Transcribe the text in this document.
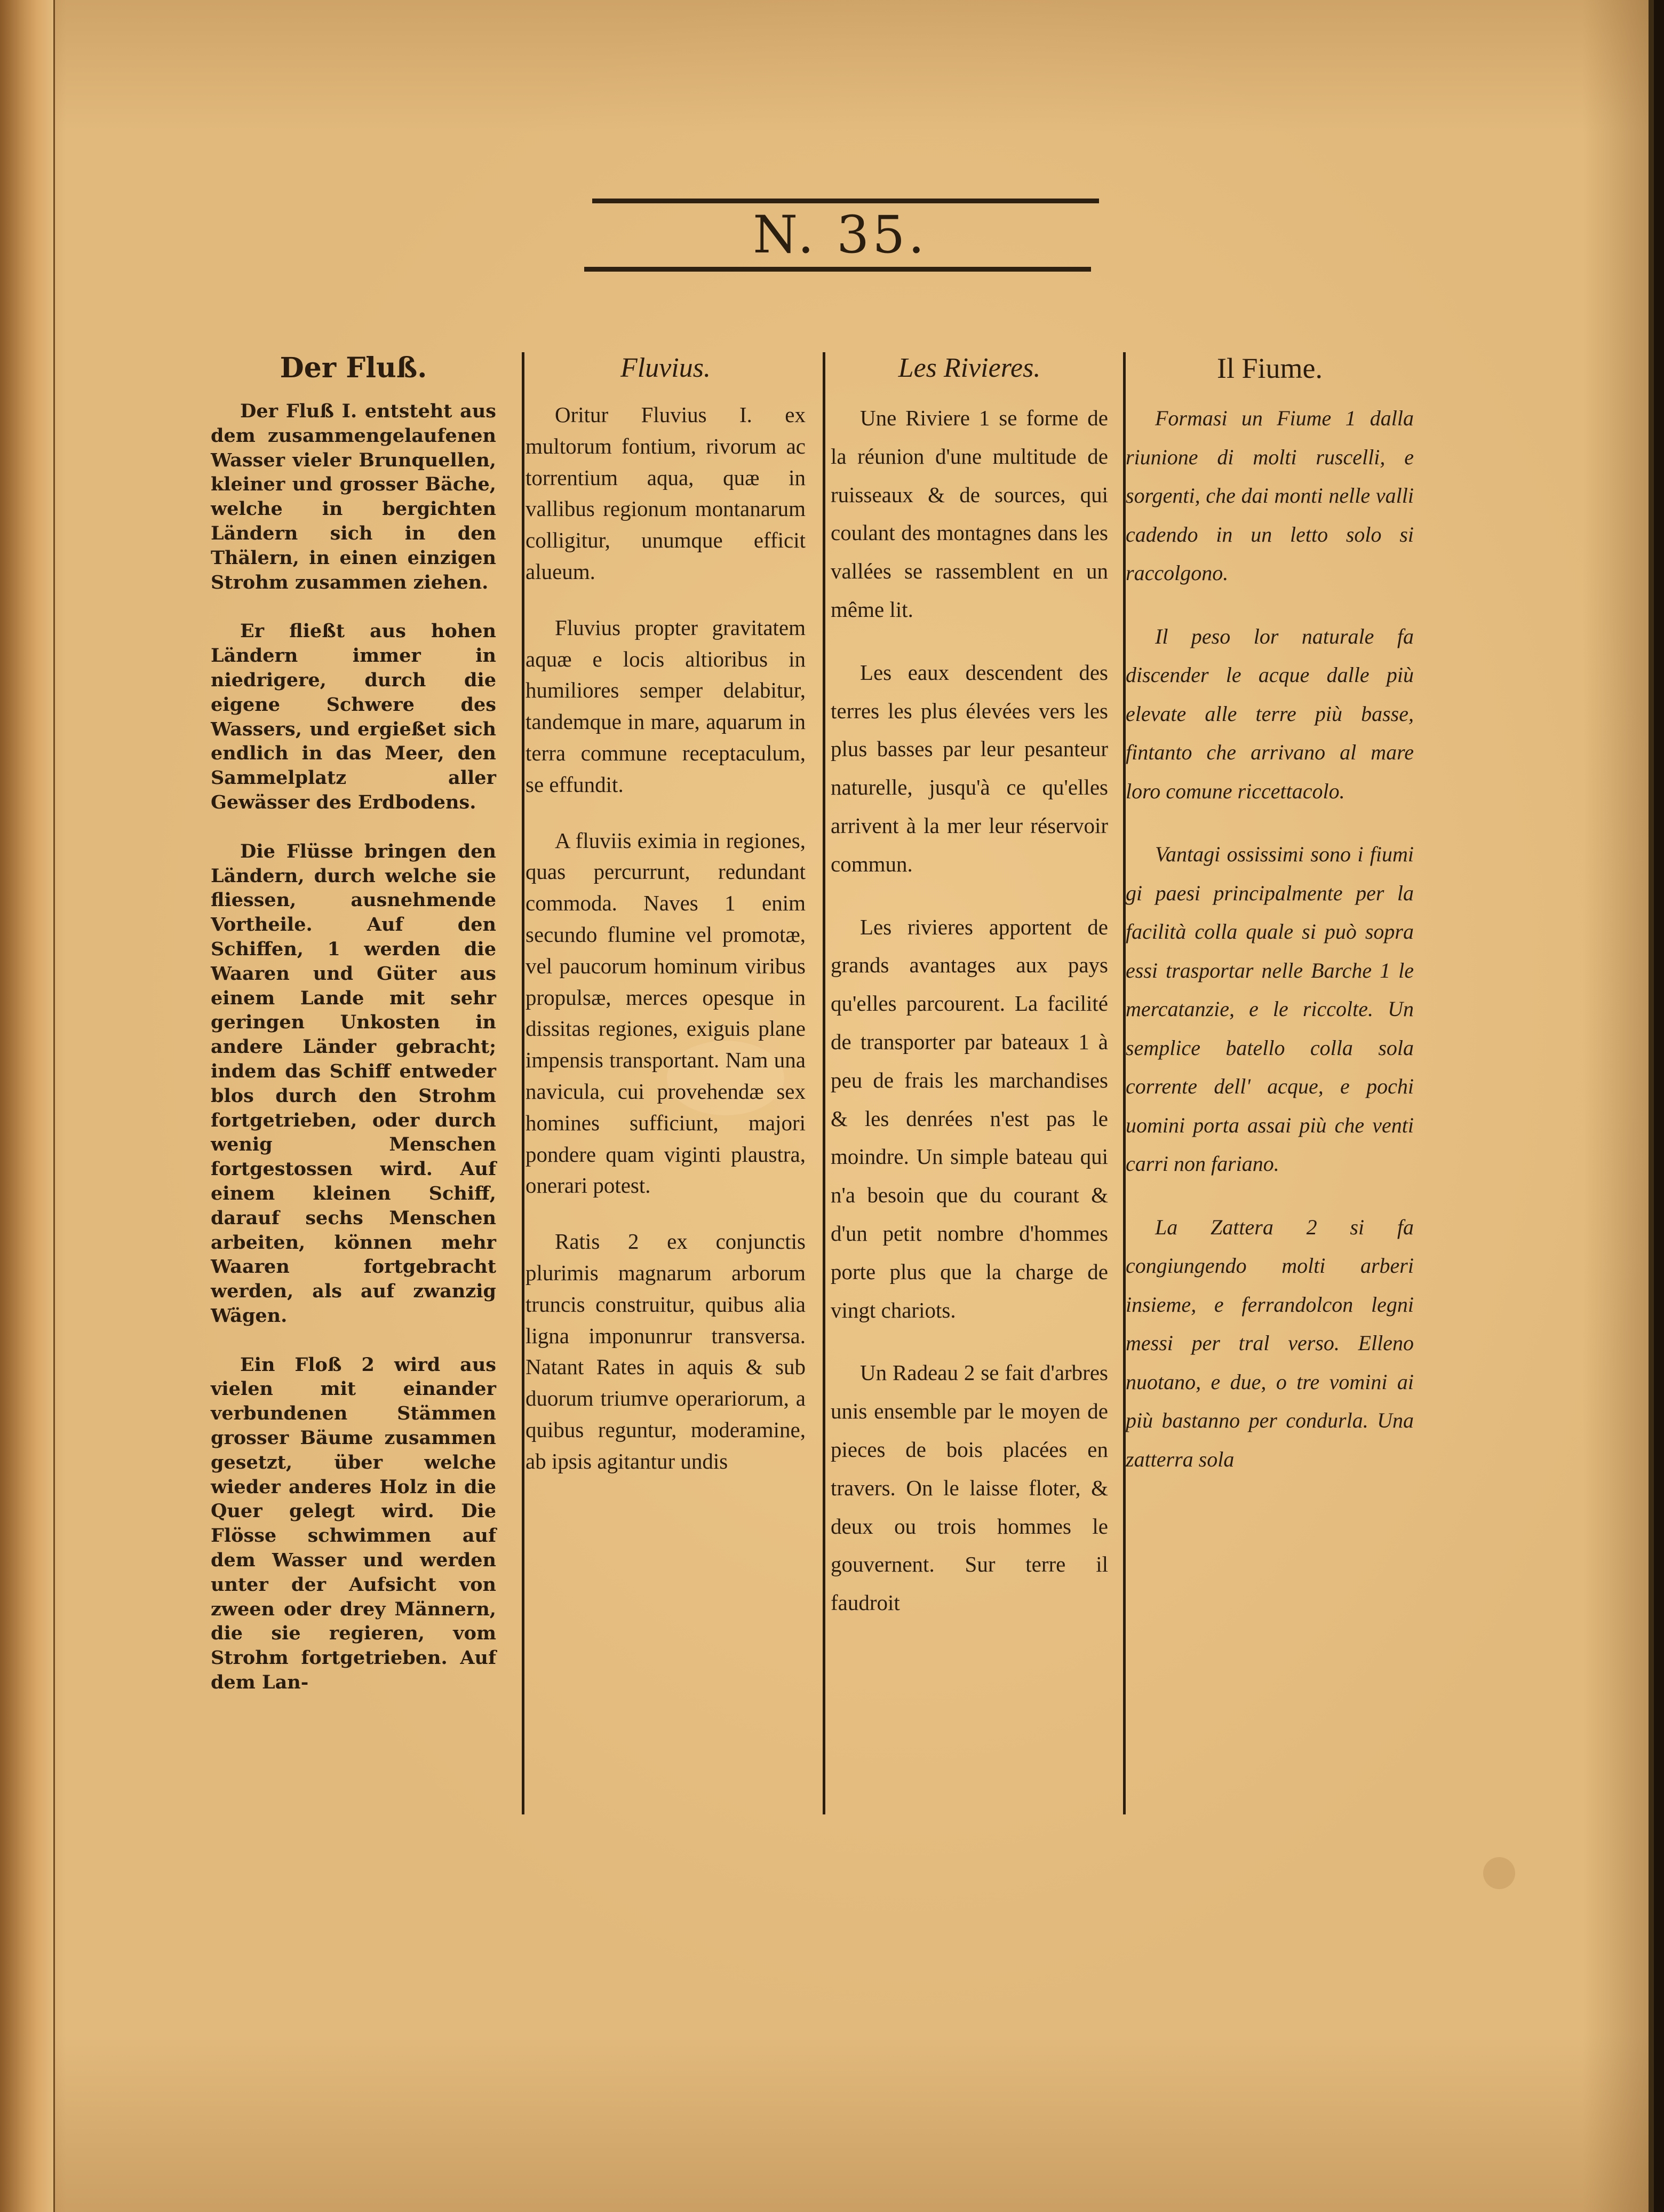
N. 35.
Der Fluß.

Der Fluß I. entsteht aus dem zusammengelaufenen Wasser vieler Brunquellen, kleiner und grosser Bäche, welche in bergichten Ländern sich in den Thälern, in einen einzigen Strohm zusammen ziehen.

Er fließt aus hohen Ländern immer in niedrigere, durch die eigene Schwere des Wassers, und ergießet sich endlich in das Meer, den Sammelplatz aller Gewässer des Erdbodens.

Die Flüsse bringen den Ländern, durch welche sie fliessen, ausnehmende Vortheile. Auf den Schiffen, 1 werden die Waaren und Güter aus einem Lande mit sehr geringen Unkosten in andere Länder gebracht; indem das Schiff entweder blos durch den Strohm fortgetrieben, oder durch wenig Menschen fortgestossen wird. Auf einem kleinen Schiff, darauf sechs Menschen arbeiten, können mehr Waaren fortgebracht werden, als auf zwanzig Wägen.

Ein Floß 2 wird aus vielen mit einander verbundenen Stämmen grosser Bäume zusammen gesetzt, über welche wieder anderes Holz in die Quer gelegt wird. Die Flösse schwimmen auf dem Wasser und werden unter der Aufsicht von zween oder drey Männern, die sie regieren, vom Strohm fortgetrieben. Auf dem Lan-

Fluvius.

Oritur Fluvius I. ex multorum fontium, rivorum ac torrentium aqua, quæ in vallibus regionum montanarum colligitur, unumque efficit alueum.

Fluvius propter gravitatem aquæ e locis altioribus in humiliores semper delabitur, tandemque in mare, aquarum in terra commune receptaculum, se effundit.

A fluviis eximia in regiones, quas percurrunt, redundant commoda. Naves 1 enim secundo flumine vel promotæ, vel paucorum hominum viribus propulsæ, merces opesque in dissitas regiones, exiguis plane impensis transportant. Nam una navicula, cui provehendæ sex homines sufficiunt, majori pondere quam viginti plaustra, onerari potest.

Ratis 2 ex conjunctis plurimis magnarum arborum truncis construitur, quibus alia ligna imponunrur transversa. Natant Rates in aquis & sub duorum triumve operariorum, a quibus reguntur, moderamine, ab ipsis agitantur undis

Les Rivieres.

Une Riviere 1 se forme de la réunion d'une multitude de ruisseaux & de sources, qui coulant des montagnes dans les vallées se rassemblent en un même lit.

Les eaux descendent des terres les plus élevées vers les plus basses par leur pesanteur naturelle, jusqu'à ce qu'elles arrivent à la mer leur réservoir commun.

Les rivieres apportent de grands avantages aux pays qu'elles parcourent. La facilité de transporter par bateaux 1 à peu de frais les marchandises & les denrées n'est pas le moindre. Un simple bateau qui n'a besoin que du courant & d'un petit nombre d'hommes porte plus que la charge de vingt chariots.

Un Radeau 2 se fait d'arbres unis ensemble par le moyen de pieces de bois placées en travers. On le laisse floter, & deux ou trois hommes le gouvernent. Sur terre il faudroit

Il Fiume.

Formasi un Fiume 1 dalla riunione di molti ruscelli, e sorgenti, che dai monti nelle valli cadendo in un letto solo si raccolgono.

Il peso lor naturale fa discender le acque dalle più elevate alle terre più basse, fintanto che arrivano al mare loro comune riccettacolo.

Vantagi ossissimi sono i fiumi gi paesi principalmente per la facilità colla quale si può sopra essi trasportar nelle Barche 1 le mercatanzie, e le riccolte. Un semplice batello colla sola corrente dell' acque, e pochi uomini porta assai più che venti carri non fariano.

La Zattera 2 si fa congiungendo molti arberi insieme, e ferrandolcon legni messi per tral verso. Elleno nuotano, e due, o tre vomini ai più bastanno per condurla. Una zatterra sola
